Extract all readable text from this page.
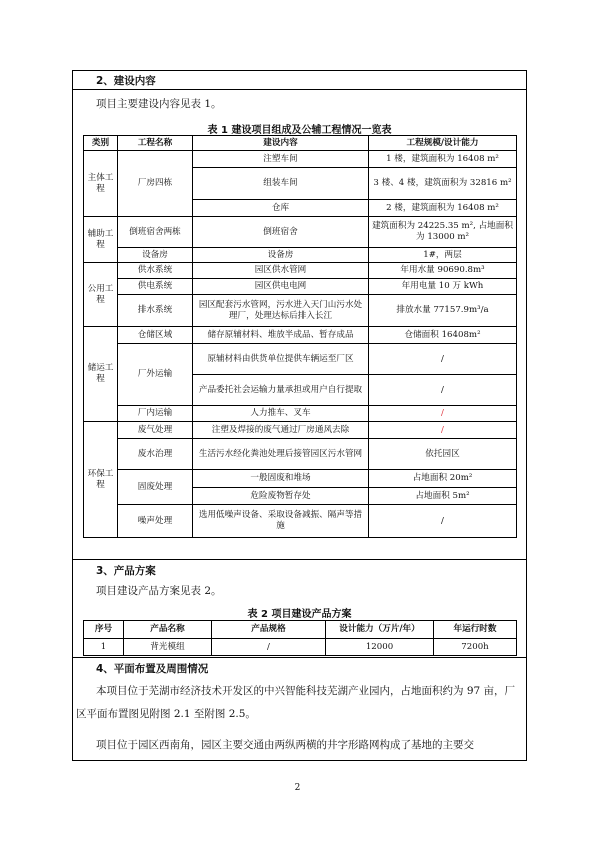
2、建设内容
项目主要建设内容见表 1。
表 1 建设项目组成及公辅工程情况一览表
类别	工程名称	建设内容	工程规模/设计能力
主体工程	厂房四栋	注塑车间	1 楼，建筑面积为 16408 m²
		组装车间	3 楼、4 楼，建筑面积为 32816 m²
		仓库	2 楼，建筑面积为 16408 m²
辅助工程	倒班宿舍两栋	倒班宿舍	建筑面积为 24225.35 m², 占地面积为 13000 m²
	设备房	设备房	1#，两层
公用工程	供水系统	园区供水管网	年用水量 90690.8m³
	供电系统	园区供电电网	年用电量 10 万 kWh
	排水系统	园区配套污水管网，污水进入天门山污水处理厂，处理达标后排入长江	排放水量 77157.9m³/a
储运工程	仓储区域	储存原辅材料、堆放半成品、暂存成品	仓储面积 16408m²
	厂外运输	原辅材料由供货单位提供车辆运至厂区	/
		产品委托社会运输力量承担或用户自行提取	/
	厂内运输	人力推车、叉车	/
环保工程	废气处理	注塑及焊接的废气通过厂房通风去除	/
	废水治理	生活污水经化粪池处理后接管园区污水管网	依托园区
	固废处理	一般固废和堆场	占地面积 20m²
		危险废物暂存处	占地面积 5m²
	噪声处理	选用低噪声设备、采取设备减振、隔声等措施	/
3、产品方案
项目建设产品方案见表 2。
表 2 项目建设产品方案
序号	产品名称	产品规格	设计能力（万片/年）	年运行时数
1	背光模组	/	12000	7200h
4、平面布置及周围情况
本项目位于芜湖市经济技术开发区的中兴智能科技芜湖产业园内，占地面积约为 97 亩，厂区平面布置图见附图 2.1 至附图 2.5。
项目位于园区西南角，园区主要交通由两纵两横的井字形路网构成了基地的主要交
2
